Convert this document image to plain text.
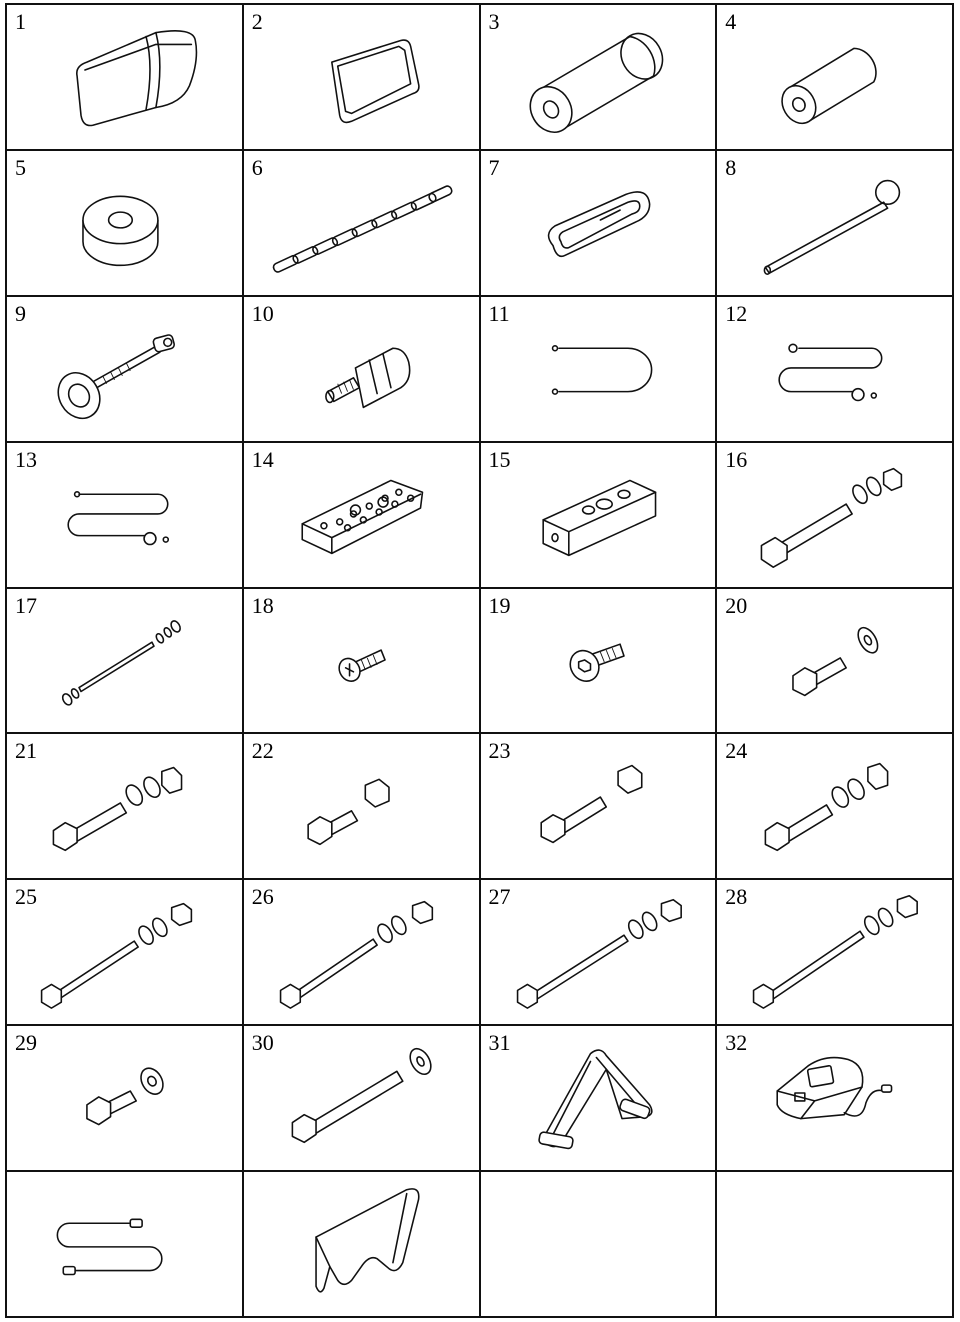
1	2	3	4
5	6	7	8
9	10	11	12
13	14	15	16
17	18	19	20
21	22	23	24
25	26	27	28
29	30	31	32
